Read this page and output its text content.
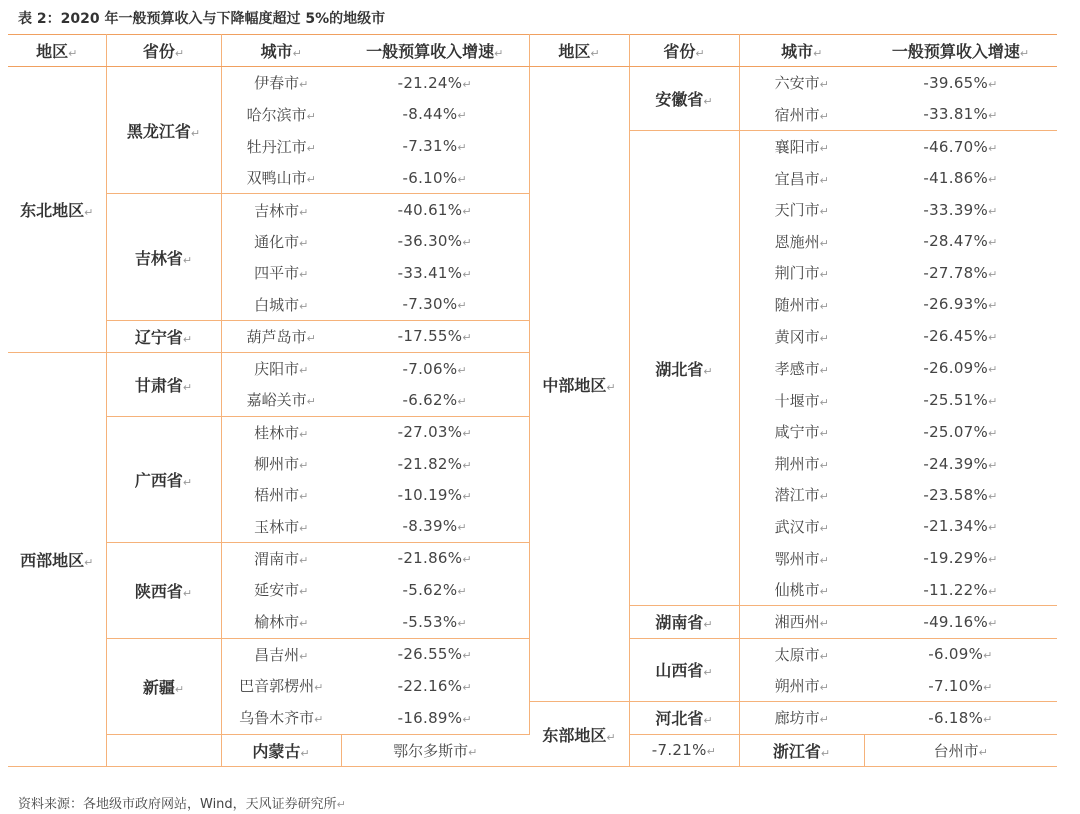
表 2：2020 年一般预算收入与下降幅度超过 5%的地级市
地区↵	省份↵	城市↵	一般预算收入增速↵	地区↵	省份↵	城市↵	一般预算收入增速↵	
东北地区↵	黑龙江省↵	伊春市↵	-21.24%↵	中部地区↵	安徽省↵	六安市↵	-39.65%↵	
		哈尔滨市↵	-8.44%↵			宿州市↵	-33.81%↵	
		牡丹江市↵	-7.31%↵		湖北省↵	襄阳市↵	-46.70%↵	
		双鸭山市↵	-6.10%↵			宜昌市↵	-41.86%↵	
	吉林省↵	吉林市↵	-40.61%↵			天门市↵	-33.39%↵	
		通化市↵	-36.30%↵			恩施州↵	-28.47%↵	
		四平市↵	-33.41%↵			荆门市↵	-27.78%↵	
		白城市↵	-7.30%↵			随州市↵	-26.93%↵	
	辽宁省↵	葫芦岛市↵	-17.55%↵			黄冈市↵	-26.45%↵	
西部地区↵	甘肃省↵	庆阳市↵	-7.06%↵			孝感市↵	-26.09%↵	
		嘉峪关市↵	-6.62%↵			十堰市↵	-25.51%↵	
	广西省↵	桂林市↵	-27.03%↵			咸宁市↵	-25.07%↵	
		柳州市↵	-21.82%↵			荆州市↵	-24.39%↵	
		梧州市↵	-10.19%↵			潜江市↵	-23.58%↵	
		玉林市↵	-8.39%↵			武汉市↵	-21.34%↵	
	陕西省↵	渭南市↵	-21.86%↵			鄂州市↵	-19.29%↵	
		延安市↵	-5.62%↵			仙桃市↵	-11.22%↵	
		榆林市↵	-5.53%↵		湖南省↵	湘西州↵	-49.16%↵	
	新疆↵	昌吉州↵	-26.55%↵		山西省↵	太原市↵	-6.09%↵	
		巴音郭楞州↵	-22.16%↵			朔州市↵	-7.10%↵	
		乌鲁木齐市↵	-16.89%↵	东部地区↵	河北省↵	廊坊市↵	-6.18%↵	
		内蒙古↵	鄂尔多斯市↵		-7.21%↵	浙江省↵	台州市↵	
资料来源：各地级市政府网站，Wind，天风证券研究所↵
